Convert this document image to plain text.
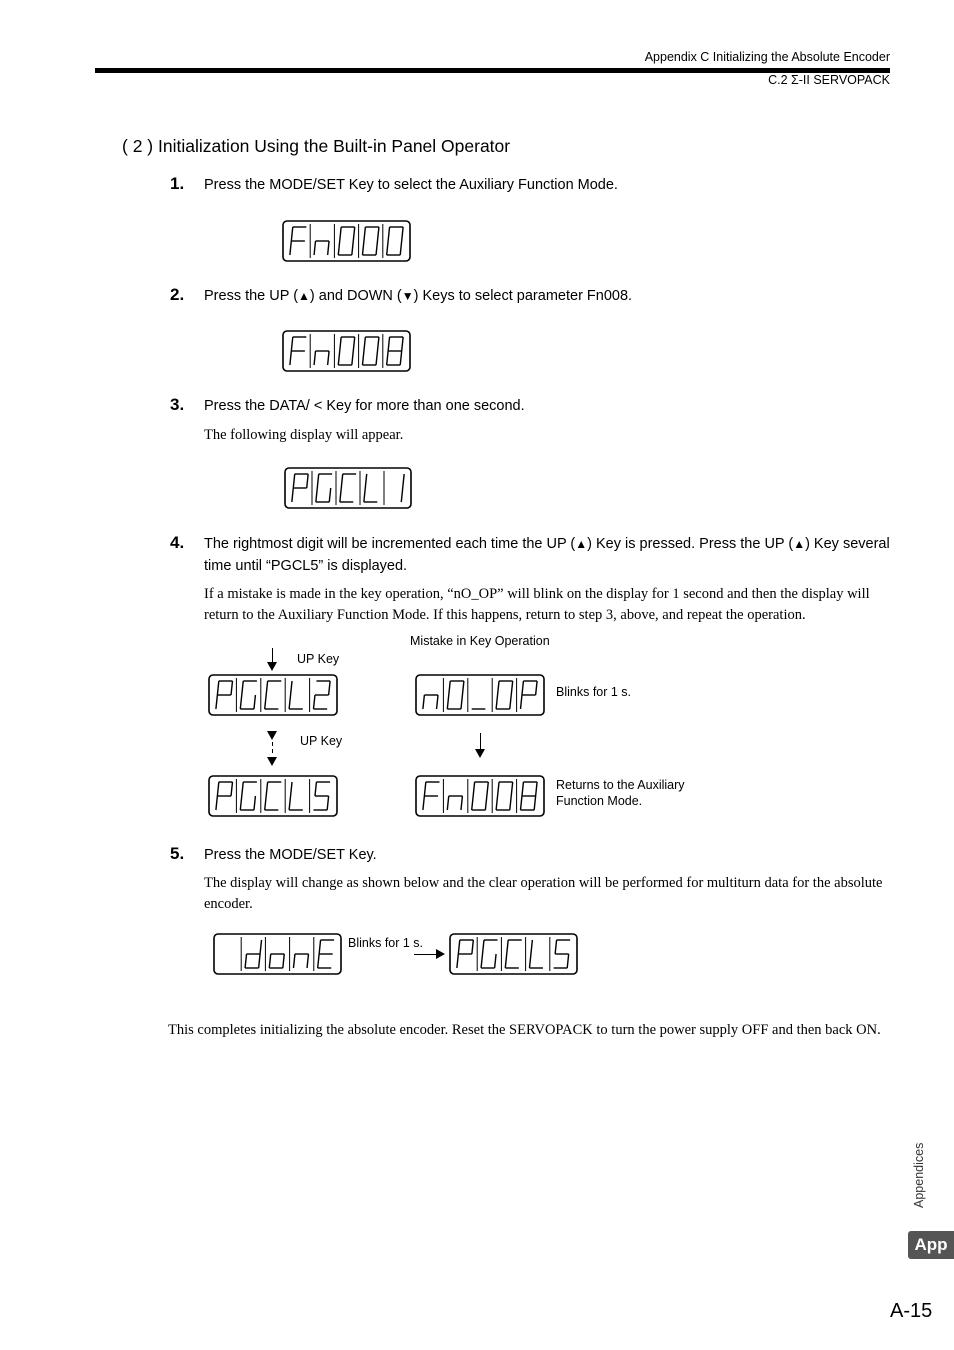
Appendix C Initializing the Absolute Encoder
C.2 Σ-II SERVOPACK
( 2 ) Initialization Using the Built-in Panel Operator
1. Press the MODE/SET Key to select the Auxiliary Function Mode.
2. Press the UP (▲) and DOWN (▼) Keys to select parameter Fn008.
3. Press the DATA/ < Key for more than one second.
The following display will appear.
4. The rightmost digit will be incremented each time the UP (▲) Key is pressed. Press the UP (▲) Key several time until “PGCL5” is displayed.
If a mistake is made in the key operation, “nO_OP” will blink on the display for 1 second and then the display will return to the Auxiliary Function Mode. If this happens, return to step 3, above, and repeat the operation.
Mistake in Key Operation
UP Key
UP Key
Blinks for 1 s.
Returns to the Auxiliary
Function Mode.
5. Press the MODE/SET Key.
The display will change as shown below and the clear operation will be performed for multiturn data for the absolute encoder.
Blinks for 1 s.
This completes initializing the absolute encoder. Reset the SERVOPACK to turn the power supply OFF and then back ON.
Appendices
App
A-15
